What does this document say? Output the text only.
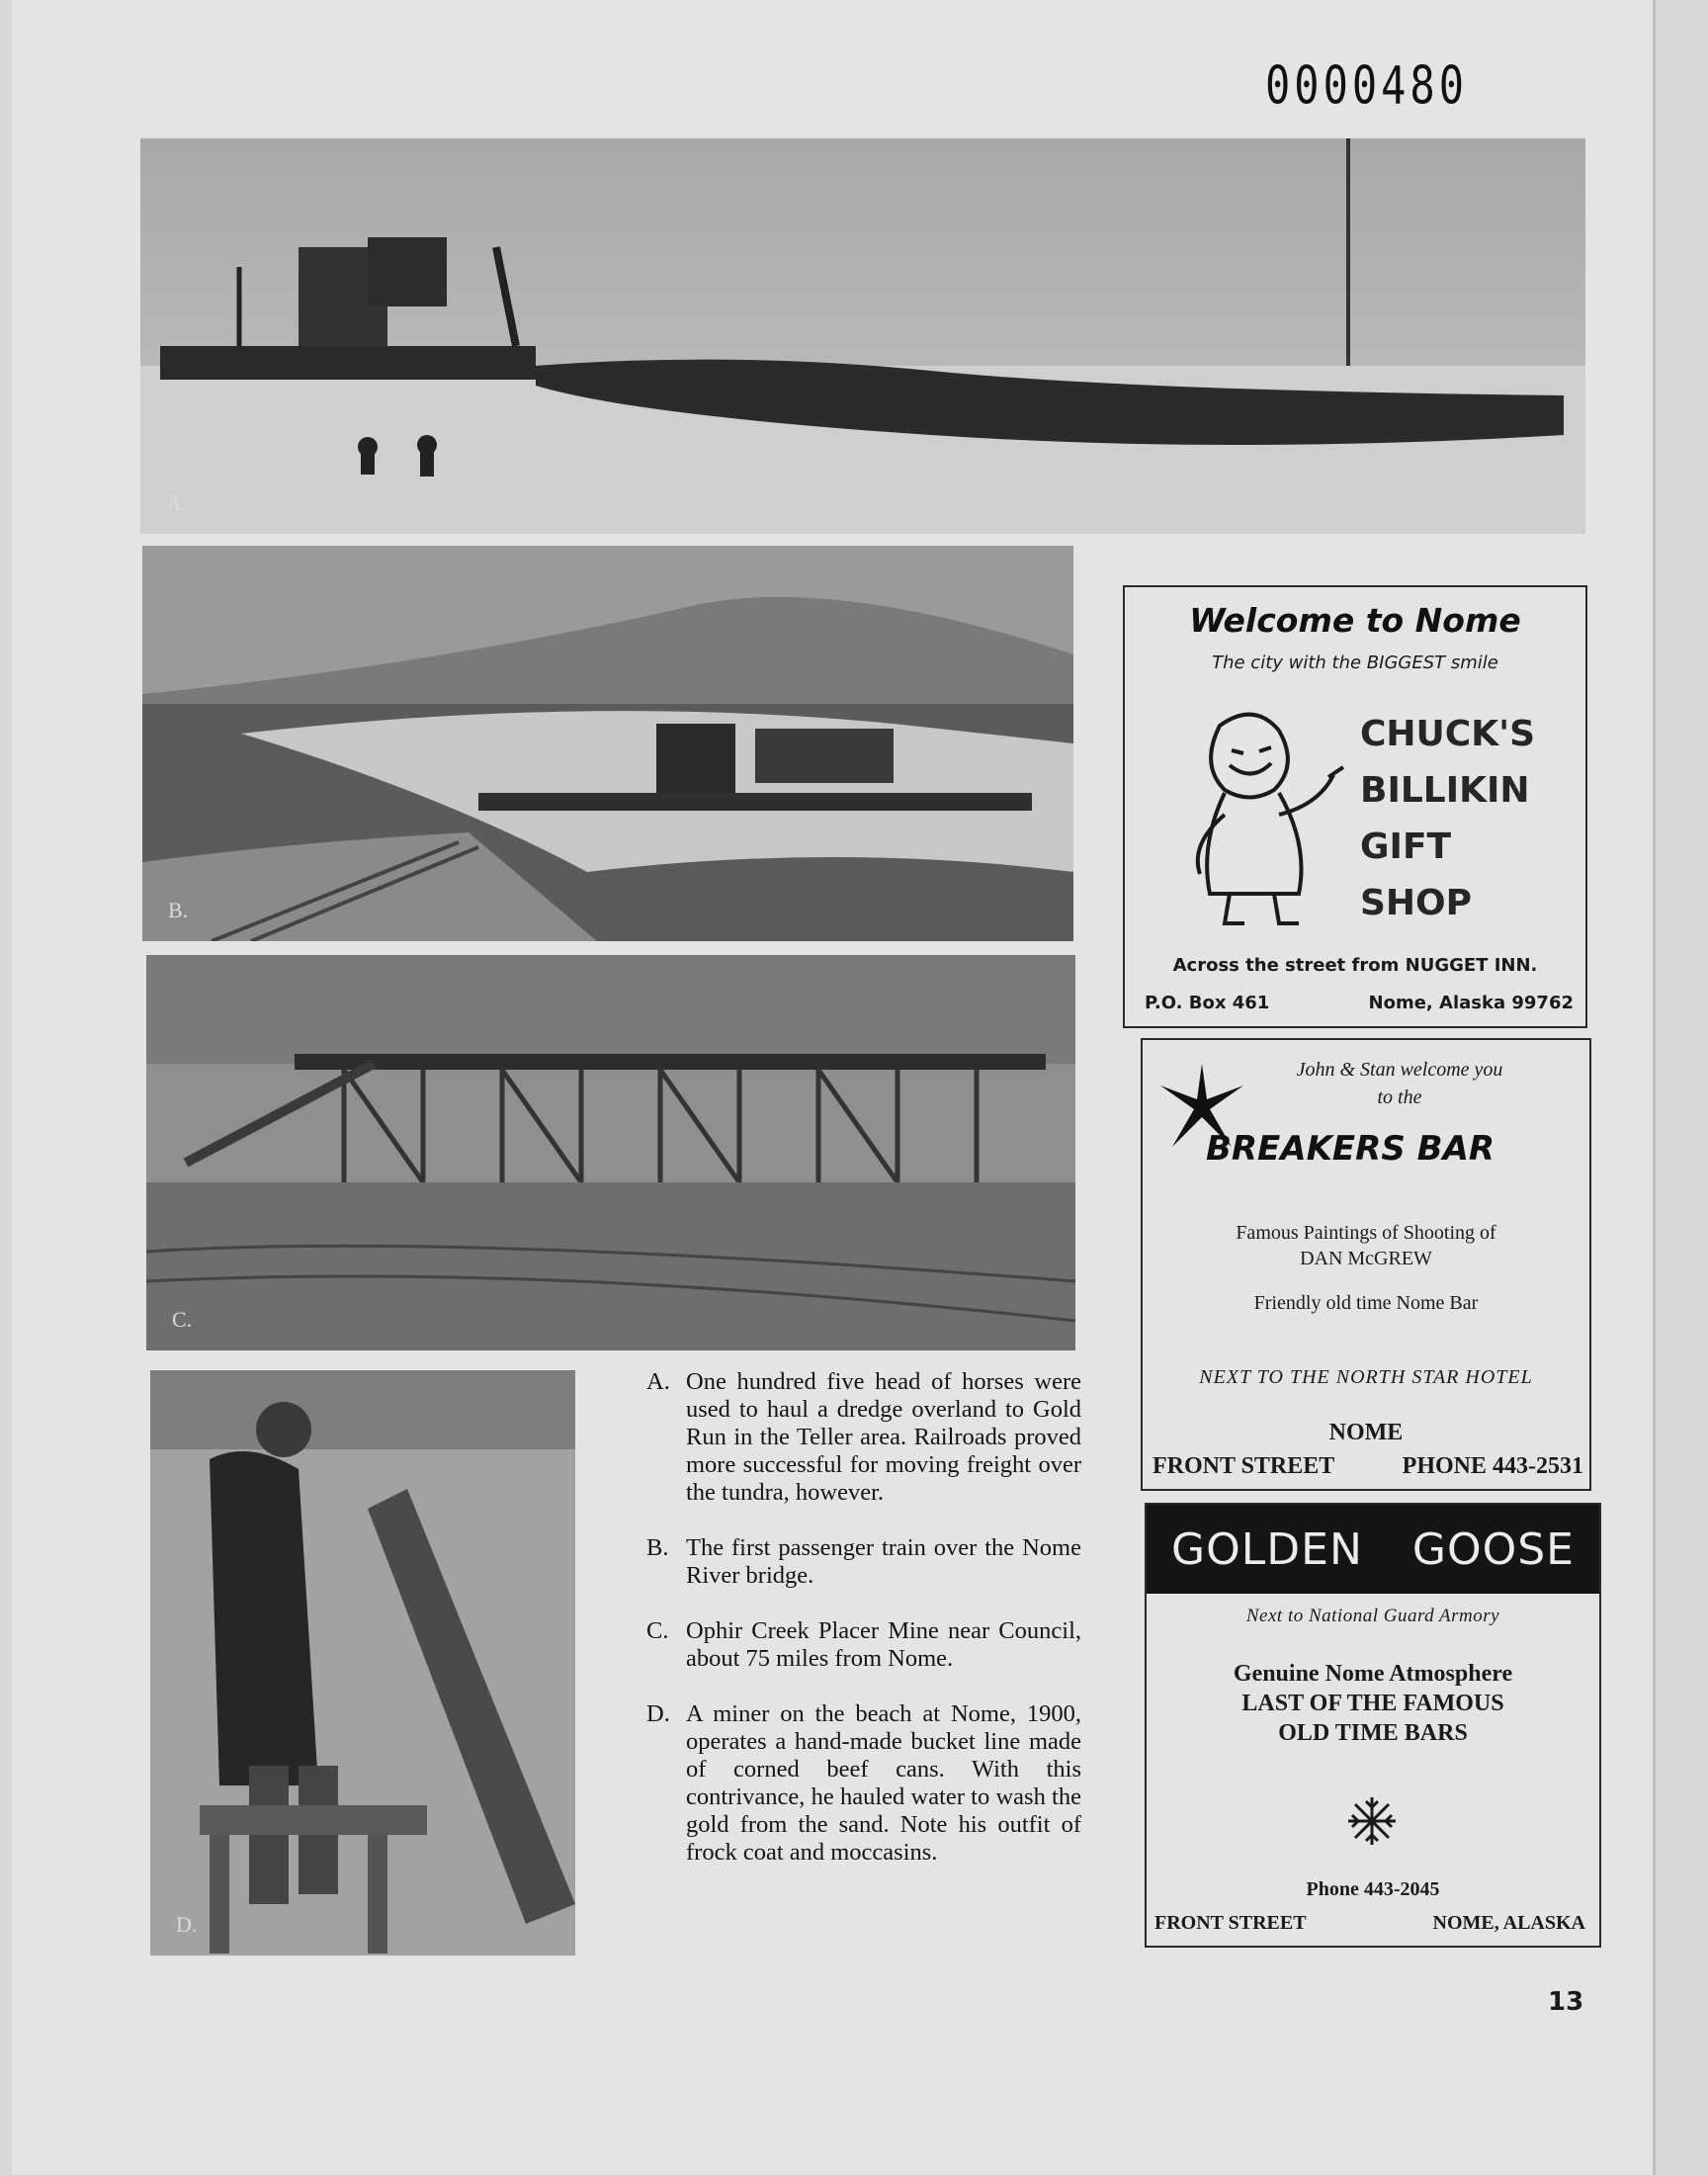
0000480
A.
B.
C.
D.
A. One hundred five head of horses were used to haul a dredge overland to Gold Run in the Teller area. Railroads proved more successful for moving freight over the tundra, however.
B. The first passenger train over the Nome River bridge.
C. Ophir Creek Placer Mine near Council, about 75 miles from Nome.
D. A miner on the beach at Nome, 1900, operates a hand-made bucket line made of corned beef cans. With this contrivance, he hauled water to wash the gold from the sand. Note his outfit of frock coat and moccasins.
Welcome to Nome
The city with the BIGGEST smile
CHUCK'S
BILLIKIN
GIFT
SHOP
Across the street from NUGGET INN.
P.O. Box 461	Nome, Alaska 99762
John & Stan welcome you
to the
BREAKERS BAR
Famous Paintings of Shooting of
DAN McGREW
Friendly old time Nome Bar
NEXT TO THE NORTH STAR HOTEL
NOME
FRONT STREET	PHONE 443-2531
GOLDEN GOOSE
Next to National Guard Armory
Genuine Nome Atmosphere
LAST OF THE FAMOUS
OLD TIME BARS
Phone 443-2045
FRONT STREET	NOME, ALASKA
13
